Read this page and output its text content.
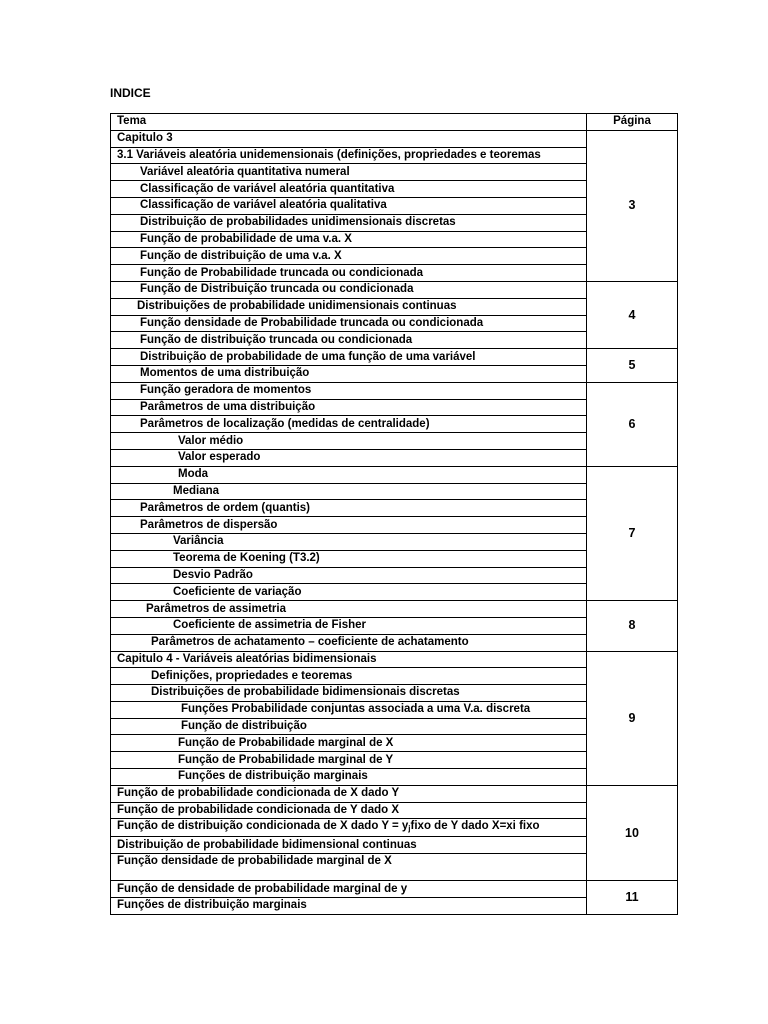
INDICE
Tema	Página
Capitulo 3	3
3.1 Variáveis aleatória unidemensionais (definições, propriedades e teoremas	
Variável aleatória quantitativa numeral	
Classificação de variável aleatória quantitativa	
Classificação de variável aleatória qualitativa	
Distribuição de probabilidades unidimensionais discretas	
Função de probabilidade de uma v.a. X	
Função de distribuição de uma v.a. X	
Função de Probabilidade truncada ou condicionada	
Função de Distribuição truncada ou condicionada	4
Distribuições de probabilidade unidimensionais continuas	
Função densidade de Probabilidade truncada ou condicionada	
Função de distribuição truncada ou condicionada	
Distribuição de probabilidade de uma função de uma variável	5
Momentos de uma distribuição	
Função geradora de momentos	6
Parâmetros de uma distribuição	
Parâmetros de localização (medidas de centralidade)	
Valor médio	
Valor esperado	
Moda	7
Mediana	
Parâmetros de ordem (quantis)	
Parâmetros de dispersão	
Variância	
Teorema de Koening (T3.2)	
Desvio Padrão	
Coeficiente de variação	
Parâmetros de assimetria	8
Coeficiente de assimetria de Fisher	
Parâmetros de achatamento – coeficiente de achatamento	
Capitulo 4 - Variáveis aleatórias bidimensionais	9
Definições, propriedades e teoremas	
Distribuições de probabilidade bidimensionais discretas	
Funções Probabilidade conjuntas associada a uma V.a. discreta	
Função de distribuição	
Função de Probabilidade marginal de X	
Função de Probabilidade marginal de Y	
Funções de distribuição marginais	
Função de probabilidade condicionada de X dado Y	10
Função de probabilidade condicionada de Y dado X	
Função de distribuição condicionada de X dado $Y = y_jfixo$ de Y dado X=xi fixo	
Distribuição de probabilidade bidimensional continuas	
Função densidade de probabilidade marginal de X	
Função de densidade de probabilidade marginal de y	11
Funções de distribuição marginais	
